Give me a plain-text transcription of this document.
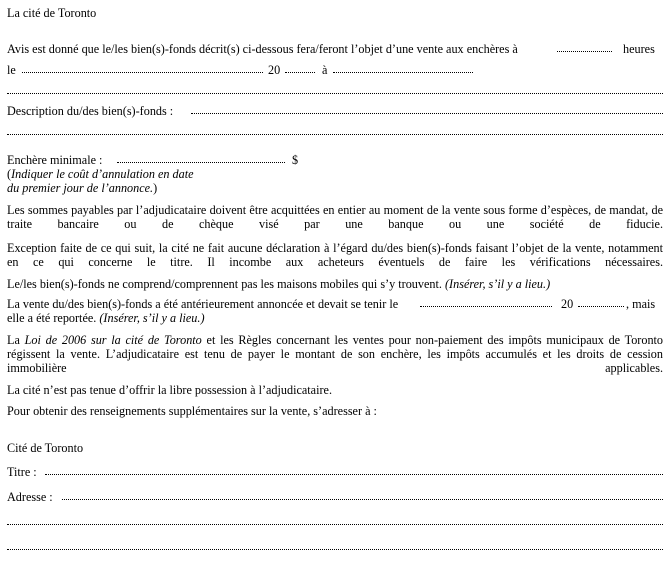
La cité de Toronto
Avis est donné que le/les bien(s)-fonds décrit(s) ci-dessous fera/feront l’objet d’une vente aux enchères à	heures
le	20	à
Description du/des bien(s)-fonds :
Enchère minimale :	$
(Indiquer le coût d’annulation en date
du premier jour de l’annonce.)
Les sommes payables par l’adjudicataire doivent être acquittées en entier au moment de la vente sous forme d’espèces, de mandat, de traite bancaire ou de chèque visé par une banque ou une société de fiducie.
Exception faite de ce qui suit, la cité ne fait aucune déclaration à l’égard du/des bien(s)-fonds faisant l’objet de la vente, notamment en ce qui concerne le titre. Il incombe aux acheteurs éventuels de faire les vérifications nécessaires.
Le/les bien(s)-fonds ne comprend/comprennent pas les maisons mobiles qui s’y trouvent. (Insérer, s’il y a lieu.)
La vente du/des bien(s)-fonds a été antérieurement annoncée et devait se tenir le	20	, mais
elle a été reportée. (Insérer, s’il y a lieu.)
La Loi de 2006 sur la cité de Toronto et les Règles concernant les ventes pour non-paiement des impôts municipaux de Toronto régissent la vente. L’adjudicataire est tenu de payer le montant de son enchère, les impôts accumulés et les droits de cession immobilière applicables.
La cité n’est pas tenue d’offrir la libre possession à l’adjudicataire.
Pour obtenir des renseignements supplémentaires sur la vente, s’adresser à :
Cité de Toronto
Titre :
Adresse :
